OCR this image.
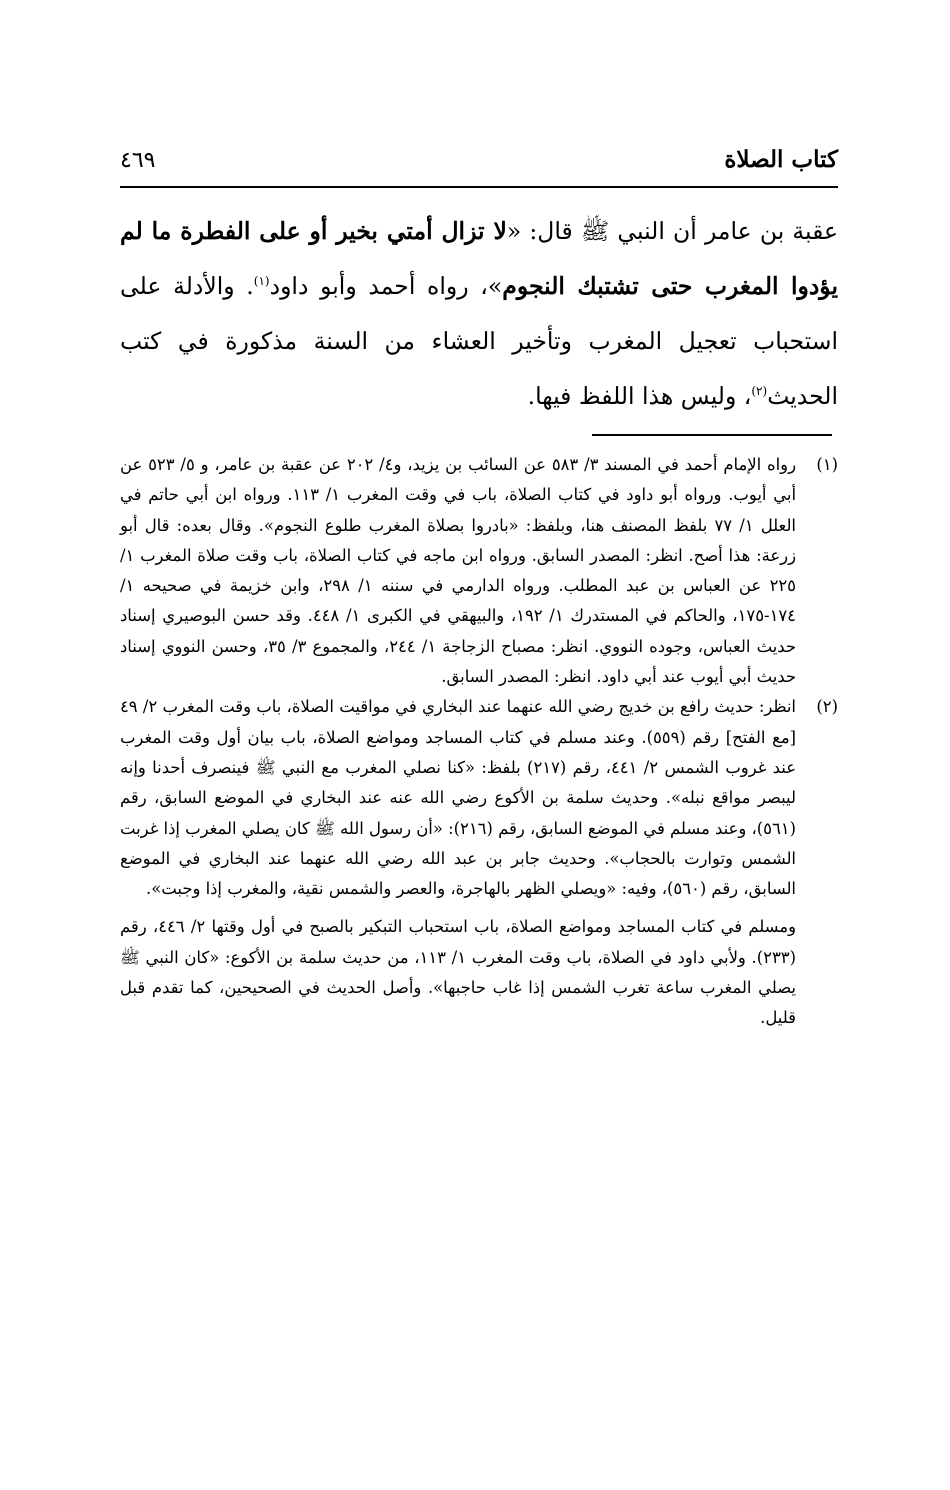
كتاب الصلاة
٤٦٩

عقبة بن عامر أن النبي ﷺ قال: «لا تزال أمتي بخير أو على الفطرة ما لم يؤدوا المغرب حتى تشتبك النجوم»، رواه أحمد وأبو داود$^{(١)}$. والأدلة على استحباب تعجيل المغرب وتأخير العشاء من السنة مذكورة في كتب الحديث$^{(٢)}$، وليس هذا اللفظ فيها.

(١)

رواه الإمام أحمد في المسند ٣/ ٥٨٣ عن السائب بن يزيد، و٤/ ٢٠٢ عن عقبة بن عامر، و ٥/ ٥٢٣ عن أبي أيوب. ورواه أبو داود في كتاب الصلاة، باب في وقت المغرب ١/ ١١٣. ورواه ابن أبي حاتم في العلل ١/ ٧٧ بلفظ المصنف هنا، وبلفظ: «بادروا بصلاة المغرب طلوع النجوم». وقال بعده: قال أبو زرعة: هذا أصح. انظر: المصدر السابق. ورواه ابن ماجه في كتاب الصلاة، باب وقت صلاة المغرب ١/ ٢٢٥ عن العباس بن عبد المطلب. ورواه الدارمي في سننه ١/ ٢٩٨، وابن خزيمة في صحيحه ١/ ١٧٤-١٧٥، والحاكم في المستدرك ١/ ١٩٢، والبيهقي في الكبرى ١/ ٤٤٨. وقد حسن البوصيري إسناد حديث العباس، وجوده النووي. انظر: مصباح الزجاجة ١/ ٢٤٤، والمجموع ٣/ ٣٥، وحسن النووي إسناد حديث أبي أيوب عند أبي داود. انظر: المصدر السابق.

(٢)

انظر: حديث رافع بن خديج رضي الله عنهما عند البخاري في مواقيت الصلاة، باب وقت المغرب ٢/ ٤٩ [مع الفتح] رقم (٥٥٩). وعند مسلم في كتاب المساجد ومواضع الصلاة، باب بيان أول وقت المغرب عند غروب الشمس ٢/ ٤٤١، رقم (٢١٧) بلفظ: «كنا نصلي المغرب مع النبي ﷺ فينصرف أحدنا وإنه ليبصر مواقع نبله». وحديث سلمة بن الأكوع رضي الله عنه عند البخاري في الموضع السابق، رقم (٥٦١)، وعند مسلم في الموضع السابق، رقم (٢١٦): «أن رسول الله ﷺ كان يصلي المغرب إذا غربت الشمس وتوارت بالحجاب». وحديث جابر بن عبد الله رضي الله عنهما عند البخاري في الموضع السابق، رقم (٥٦٠)، وفيه: «ويصلي الظهر بالهاجرة، والعصر والشمس نقية، والمغرب إذا وجبت».

ومسلم في كتاب المساجد ومواضع الصلاة، باب استحباب التبكير بالصبح في أول وقتها ٢/ ٤٤٦، رقم (٢٣٣). ولأبي داود في الصلاة، باب وقت المغرب ١/ ١١٣، من حديث سلمة بن الأكوع: «كان النبي ﷺ يصلي المغرب ساعة تغرب الشمس إذا غاب حاجبها». وأصل الحديث في الصحيحين، كما تقدم قبل قليل.
